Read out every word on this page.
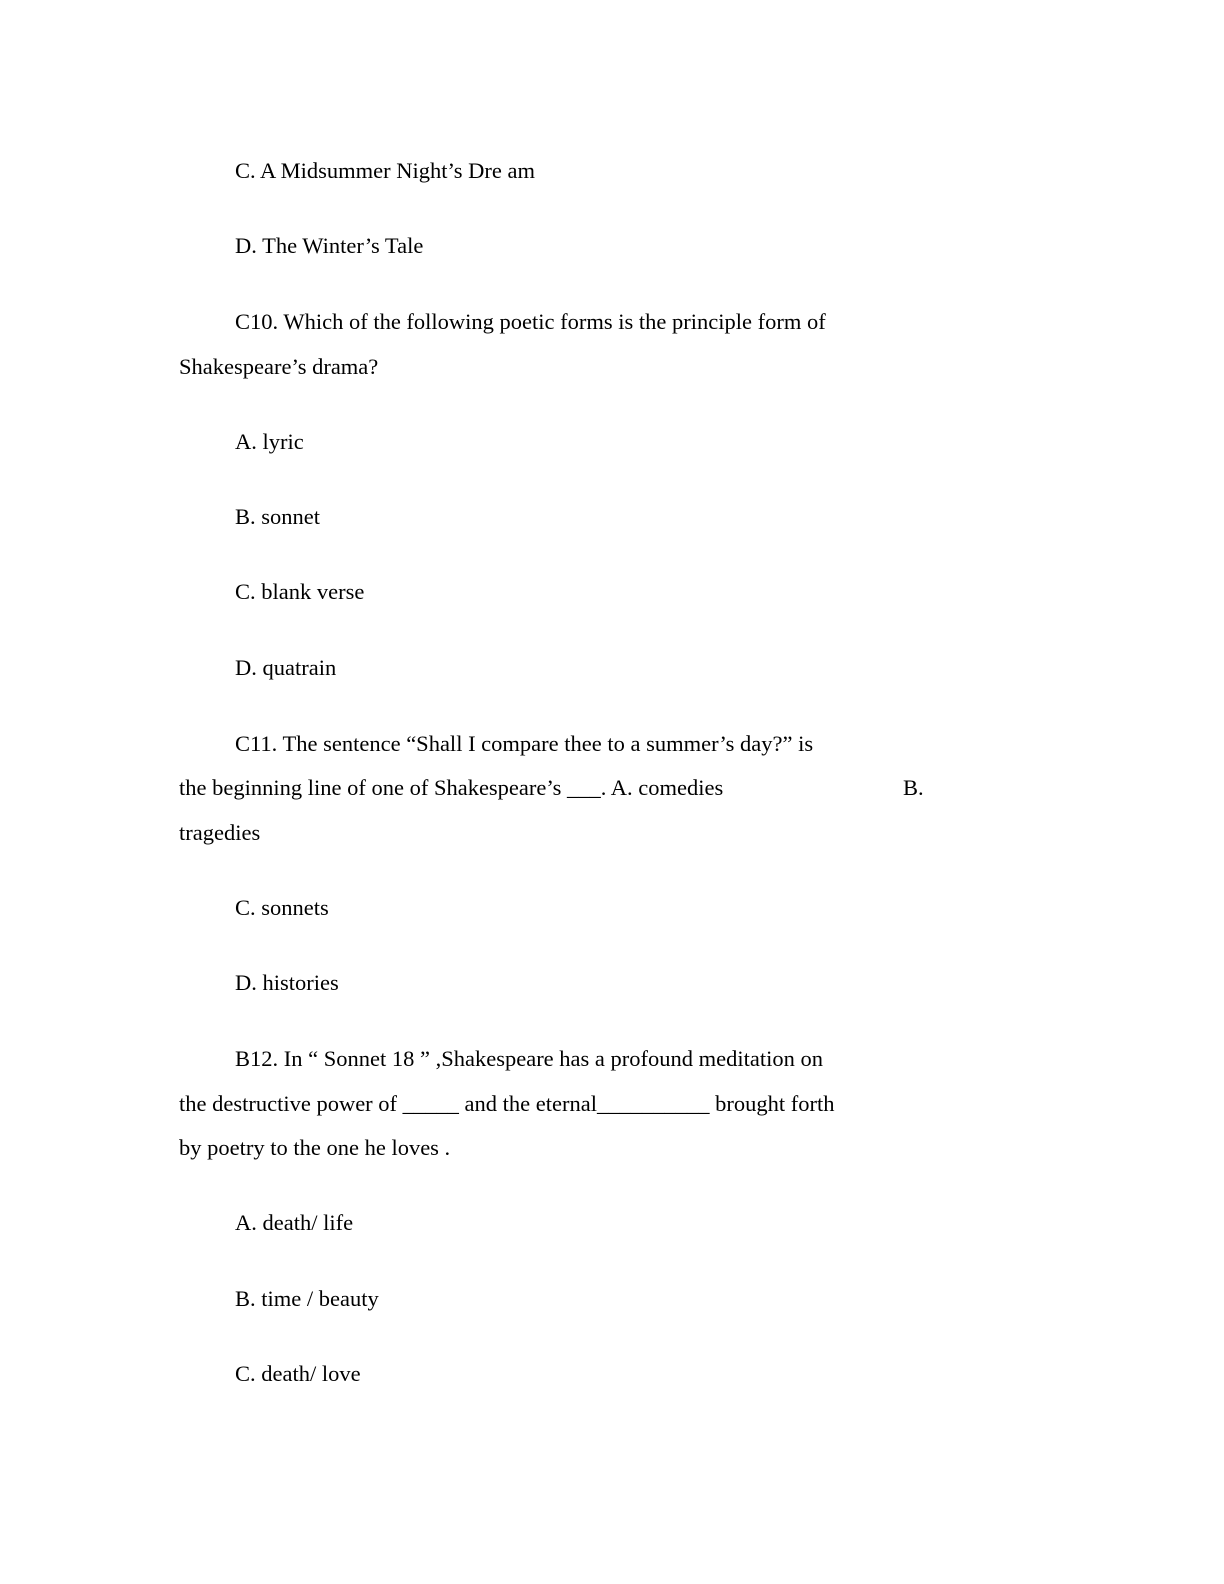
C. A Midsummer Night’s Dre am
D. The Winter’s Tale
C10. Which of the following poetic forms is the principle form of
Shakespeare’s drama?
A. lyric
B. sonnet
C. blank verse
D. quatrain
C11. The sentence “Shall I compare thee to a summer’s day?” is
the beginning line of one of Shakespeare’s ___. A. comedies	B.
tragedies
C. sonnets
D. histories
B12. In “ Sonnet 18 ” ,Shakespeare has a profound meditation on
the destructive power of _____ and the eternal__________ brought forth
by poetry to the one he loves .
A. death/ life
B. time / beauty
C. death/ love
